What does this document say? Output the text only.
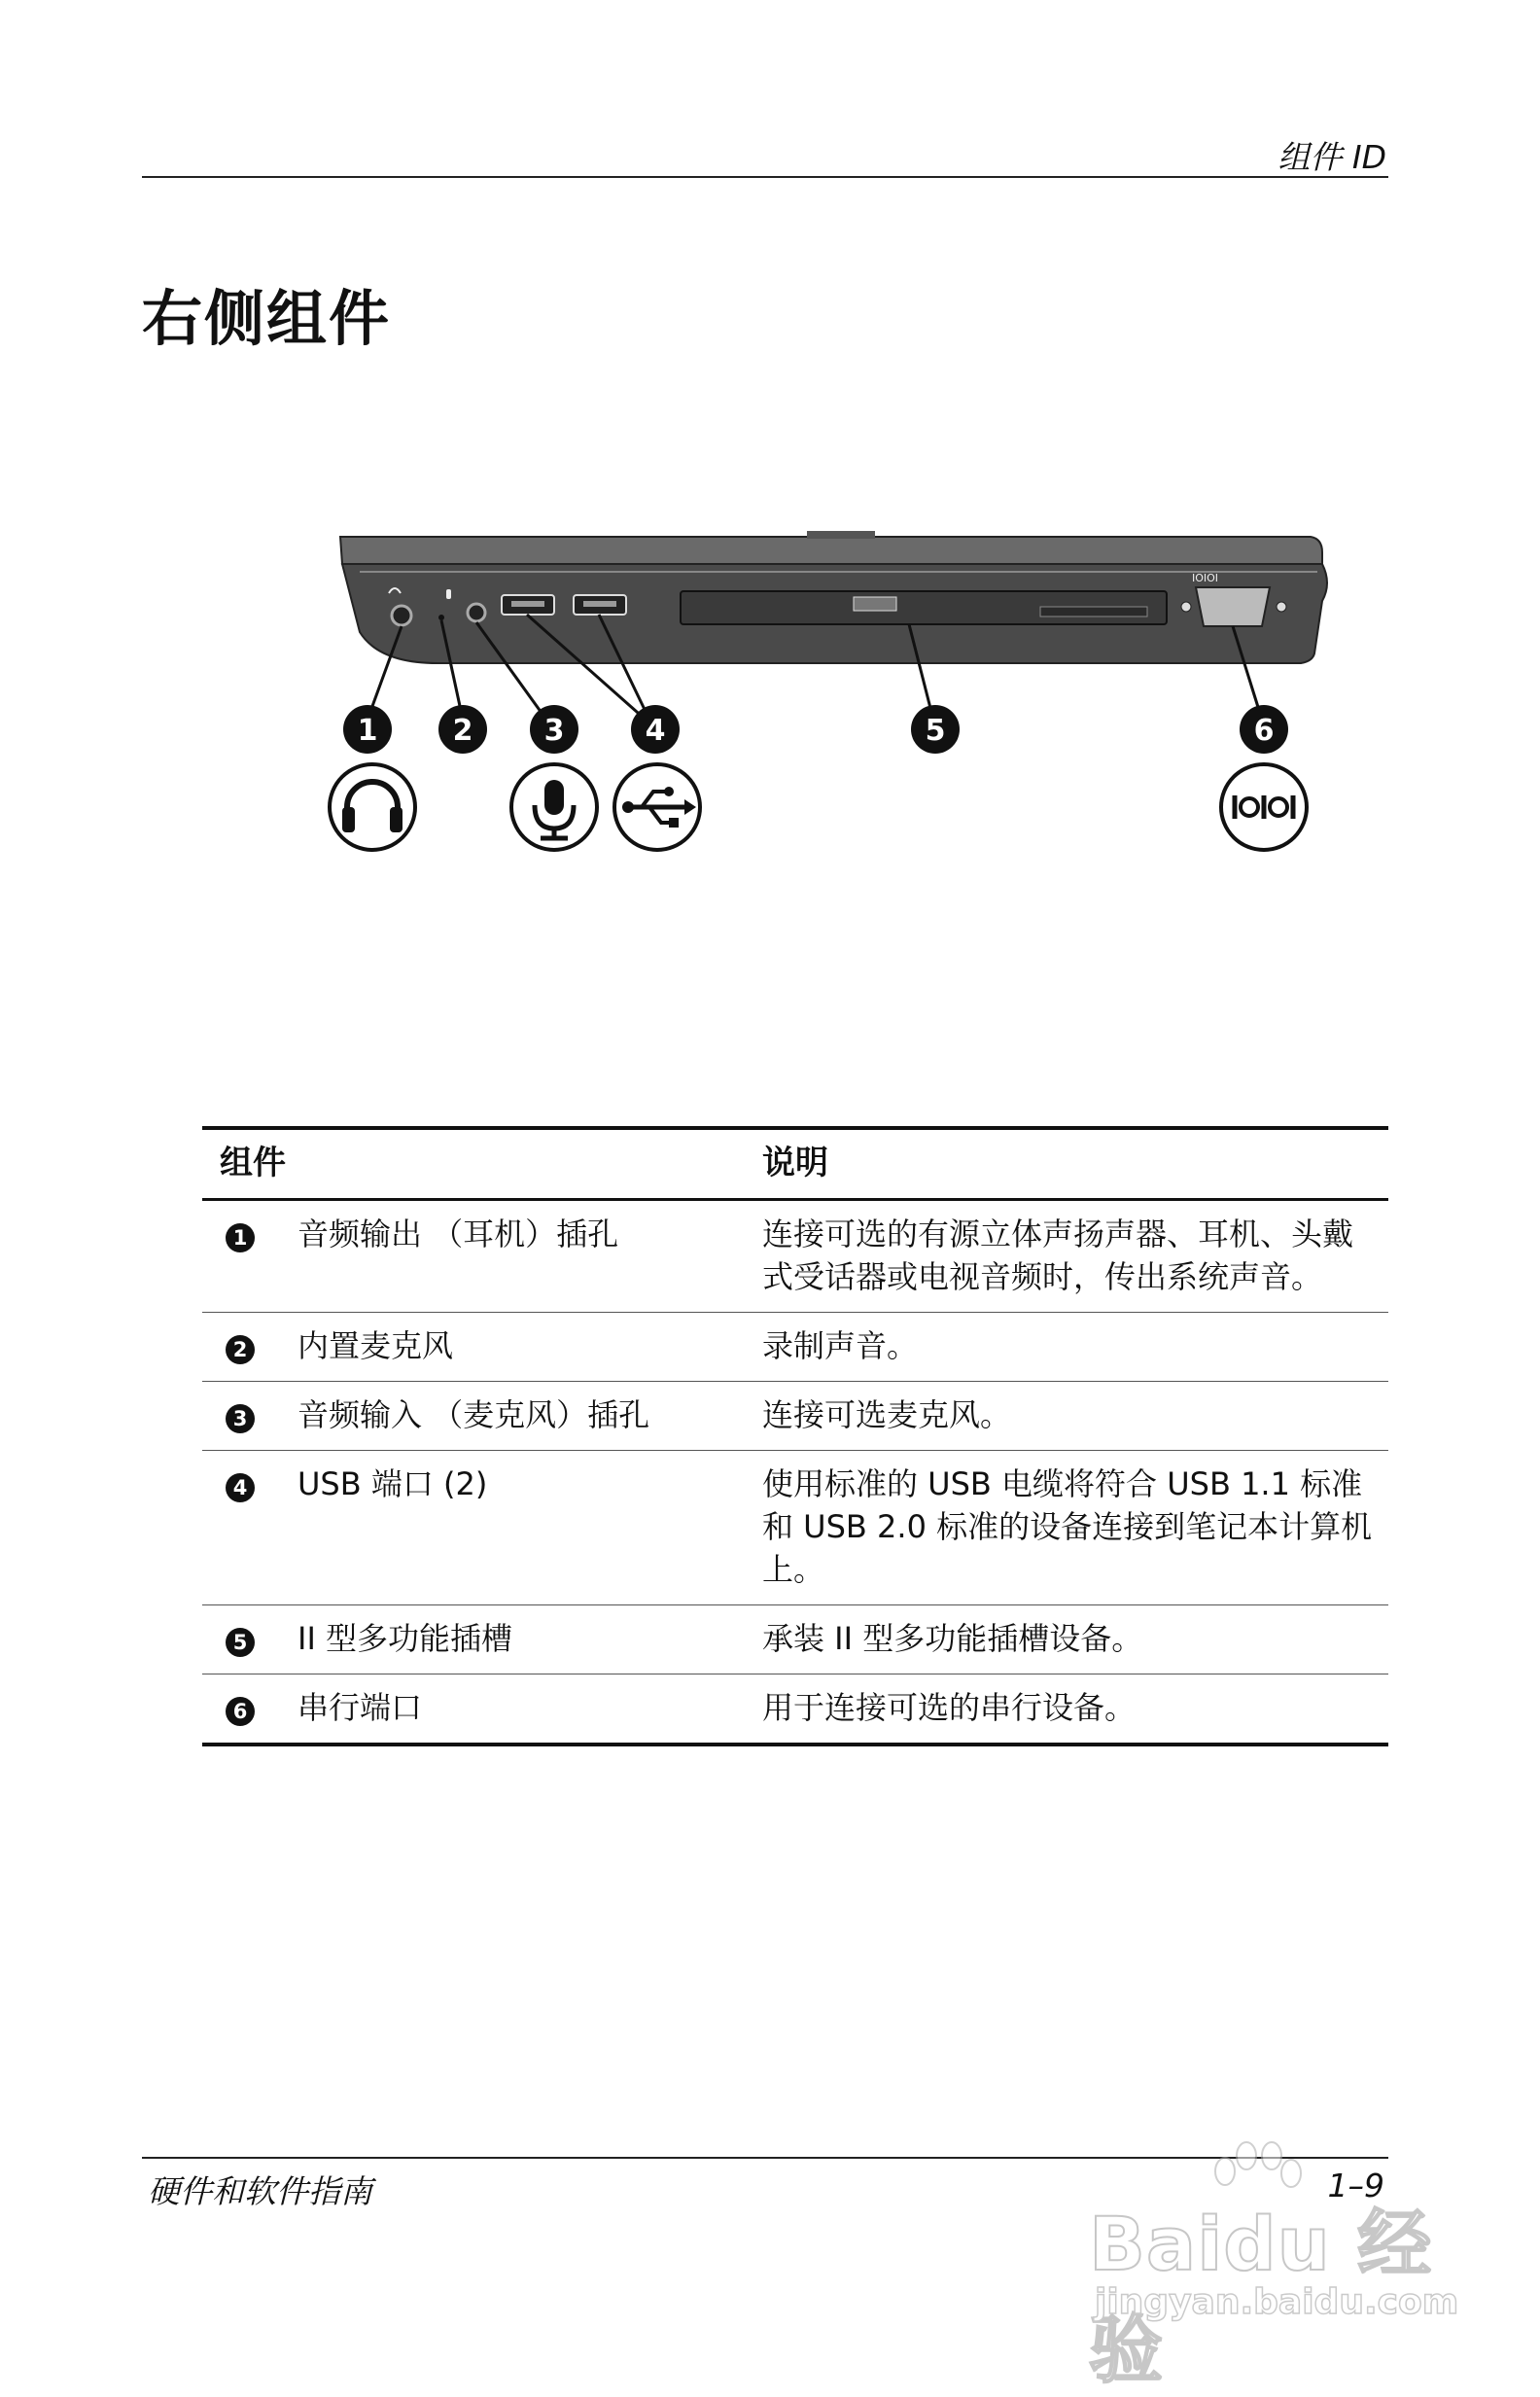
组件 ID
右侧组件
IOIOI
1	2 3	4	5	6
组件		说明
1	音频输出 （耳机）插孔	连接可选的有源立体声扬声器、耳机、头戴式受话器或电视音频时，传出系统声音。
2	内置麦克风	录制声音。
3	音频输入 （麦克风）插孔	连接可选麦克风。
4	USB 端口 (2)	使用标准的 USB 电缆将符合 USB 1.1 标准和 USB 2.0 标准的设备连接到笔记本计算机上。
5	II 型多功能插槽	承装 II 型多功能插槽设备。
6	串行端口	用于连接可选的串行设备。
硬件和软件指南	1–9
Baidu 经验
jingyan.baidu.com
